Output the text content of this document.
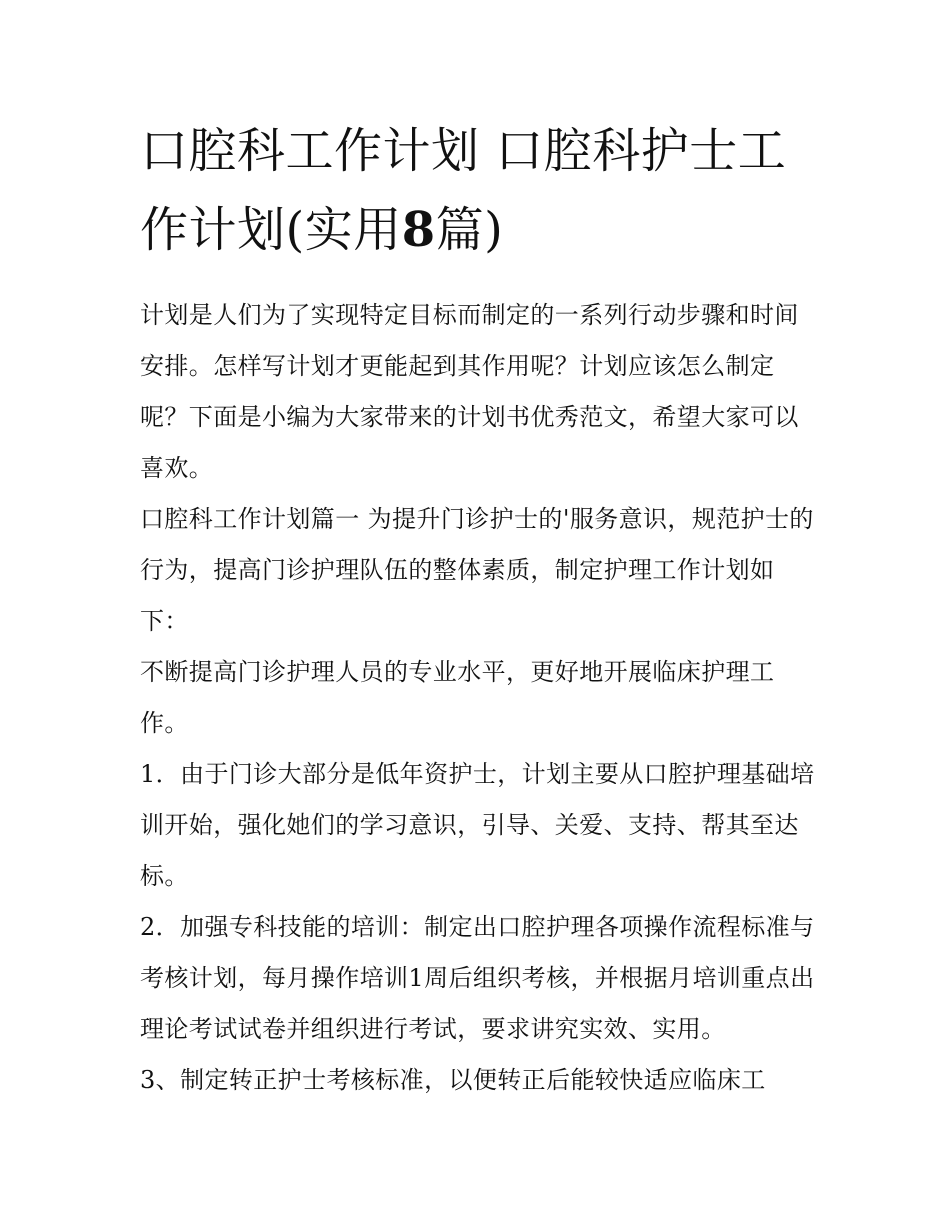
口腔科工作计划 口腔科护士工作计划(实用8篇)

计划是人们为了实现特定目标而制定的一系列行动步骤和时间安排。怎样写计划才更能起到其作用呢？计划应该怎么制定呢？下面是小编为大家带来的计划书优秀范文，希望大家可以喜欢。

口腔科工作计划篇一 为提升门诊护士的'服务意识，规范护士的行为，提高门诊护理队伍的整体素质，制定护理工作计划如下：

不断提高门诊护理人员的专业水平，更好地开展临床护理工作。

1．由于门诊大部分是低年资护士，计划主要从口腔护理基础培训开始，强化她们的学习意识，引导、关爱、支持、帮其至达标。

2．加强专科技能的培训：制定出口腔护理各项操作流程标准与考核计划，每月操作培训1周后组织考核，并根据月培训重点出理论考试试卷并组织进行考试，要求讲究实效、实用。

3、制定转正护士考核标准，以便转正后能较快适应临床工
